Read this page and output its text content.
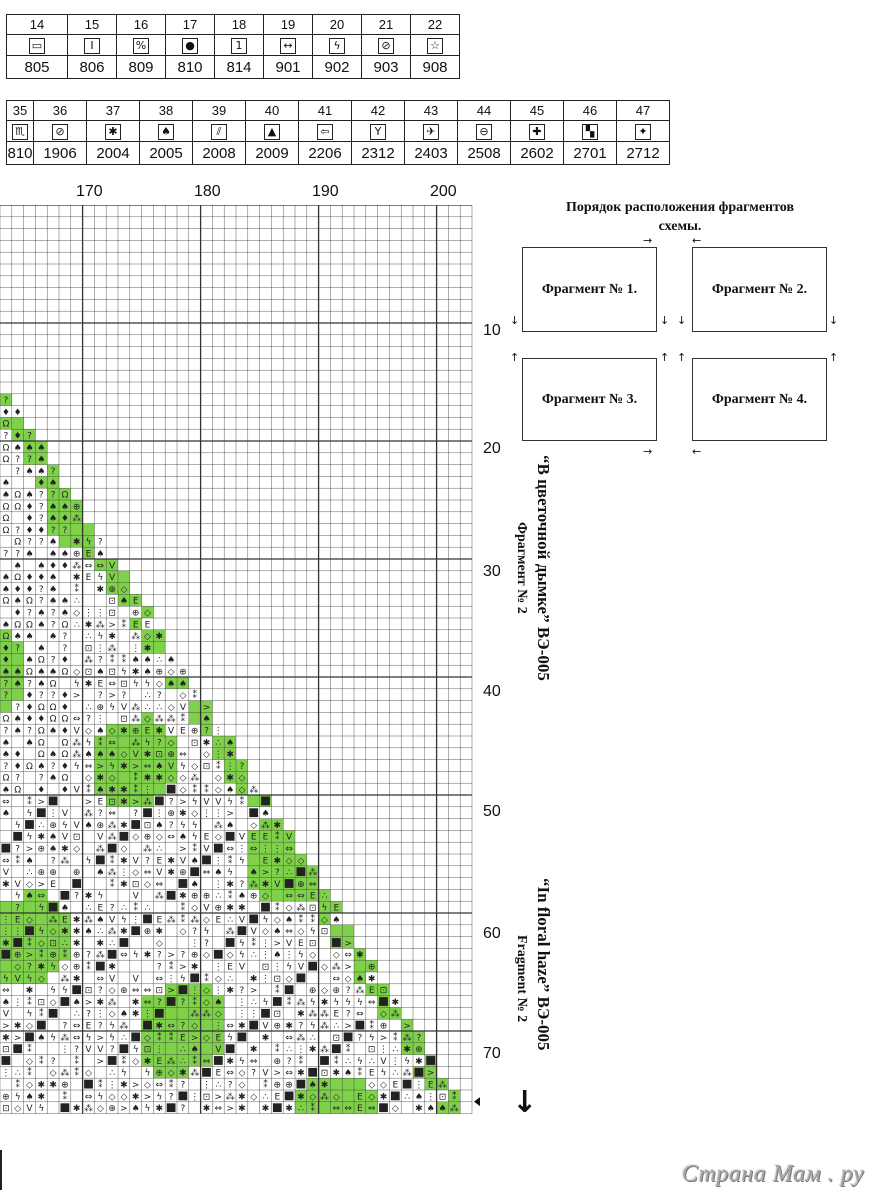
14	15	16	17	18	19	20	21	22
▭	I	%	●	1	↔	ϟ	⊘	☆
805	806	809	810	814	901	902	903	908
35	36	37	38	39	40	41	42	43	44	45	46	47
♏	⊘	✱	♠	⫽	▲	⇦	Y	✈	⊖	✚	▚	✦
810	1906	2004	2005	2008	2009	2206	2312	2403	2508	2602	2701	2712
170	180	190	200
?
♦ ♦
Ω
? ♦ ?
Ω ♠ ♠ ♠
Ω ? ? ♠
? ♠ ♠ ?
♠	♦ ♠
♠ Ω ♠ ? ? Ω
Ω Ω ♦ ? ♠ ♠ ⊕
Ω ♦ ? ♠ ♦ ⁂
Ω ? ♦ ♦ ? ?
Ω ? ? ♠ ✱ ϟ ?
? ? ♠ ♠ ♠ ⊕ E ♠
♠ ♠ ♦ ♦ ⁂ ⇔ ⇔ V
♠ Ω ♦ ♦ ♠ ✱ E ϟ V
♠ ♦ ♦ ? ♠ ⁑ ✱ ⊕ ◇
Ω ♠ Ω ? ♠ ♠ ∴	⊡ ♠ E
♦ ? ♠ ? ♠ ◇ ⋮ ⋮ ⊡ ⊕ ◇
♠ Ω Ω ♠ ? Ω ∴ ✱ ⁂ > ⁑ E E
Ω ♠ ♠ ♠ ? ∴ ϟ ✱ ⁂ ◇ ✱
♦ ? ♠ ? ⊡ ⋮ ⁂ ⋮ ✱
♦ ♠ Ω ? ♦ ⁂ ? ⁑ ⁑ ♠ ♠ ∴ ♠
♠ ♠ Ω ♠ ♠ Ω ◇ ⊡ ♠ ⊡ ϟ ✱ ♠ ⊕ ◇ ⊕
? ♠ ? ♠ Ω ϟ ✱ E ⇔ ⊡ ϟ ϟ ◇ ♠ ♠
? ♦ ? ? ♦ > ? > ? ∴ ? ◇ ⁑
? ♦ Ω Ω ♦ ∴ ⊕ ϟ V ⁂ ∴ ∴ ◇ V >
Ω ♠ ♦ ♦ Ω Ω ⇔ ? ⋮ ⊡ ⁂ ◇ ⁂ ⁂ ⁑ ♠
? ♠ ? Ω ♠ ♦ V ◇ ♠ ◇ ✱ ⊕ E ✱ V E ⊕ ? ⋮
♠ ♠ Ω Ω ⁂ ϟ ⁑ ⇔ ⁂ ϟ ? ◇ ⊡ ✱ ∴ ♠
♠ ♦ Ω ♠ Ω ⁂ ♠ ♠ ♠ ◇ V ✱ ⊡ ⊕ ⇔ ◇ ⋮ ✱
? ♦ Ω ♠ ? ♦ ϟ ⇔ > ϟ ✱ > ⇔ ♠ V ϟ ◇ ⊡ ⁑ ⋮ ?
Ω ? ? ♠ Ω ◇ ✱ ◇ ⁑ ✱ ✱ ◇ ◇ ⁂ ◇ ✱ ◇
♠ Ω ♦ ♦ V ⁑ ♠ ✱ ✱ ⁑ ⋮	◇ ⁑ ⁑ ◇ ♠ ◇ ⁂
⇔ ⁑ >	> E ⊡ ✱ > ⁂ ? > ϟ V V ϟ ⁑
♠ ϟ ⋮ V ⁂ ? ⇔ ? ⋮ ⊕ ✱ ◇ ⋮ ⋮ >	♠
ϟ ∴ ⊕ ϟ V ♠ ⊕ ⁂ ✱ ⊡ ♠ ? ϟ ϟ ⁂ ♠ ◇ ⁂ ✱
ϟ ✱ ♠ V ⊡ V ⁂ ◇ ⊕ ◇ ⇔ ♠ ϟ E ◇ V E E ⁑ V
? > ⊕ ♠ ✱ ◇ ⁂ ◇ ⁂ ∴ > ⁑ V ⇔ ⋮ ⇔ ⋮ ⋮ ⇔
⇔ ⁑ ♠ ? ⁂ ϟ ⁑ ✱ V ? E ✱ V ♠ ⋮ ⁑ ϟ E ✱ ◇ ◇
V ∴ ⊕ ⊕ ⊕ ♠ ⁂ ⋮ ◇ ⇔ V ✱ ⊕ ⇔ ♠ ϟ ♠ > ? ∴ ⁂
✱ V ◇ > E	⁑ ✱ ⊡ ◇ ⇔	♠ ⋮ ✱ ? ⁂ ✱ V ⊕ ⇔
ϟ ♠ ⇔	? ✱ ϟ	V ⁂ ✱ ⊕ ⊕ ∴ ⁑ ♠ ⊕ ◇ ⇔ ⇔ E ∴
? ϟ ♠ ∴ E ? ∴ ⁑ ∴	⁑ ◇ V ⊕ ✱ ✱	⁑ ◇ ⁂ ⊡ ϟ E
⋮ E ◇ ⁂ E ✱ ⁂ ♠ V ϟ ⋮ E ⁂ ⁑ ⁂ ◇ E ∴ V ϟ ◇ ♠ ⁑ ⁑ ◇ ♠
⋮ ⋮ ϟ ◇ ✱ ✱ ♠ ∴ ⁂ ✱ ⊕ ✱ ◇ ? ϟ ⁂ V ◇ ♠ ⇔ ◇ ϟ ⊡
✱ ⁑ ◇ ⊡ ∴ ✱ ✱ ∴	◇	⋮ ?	ϟ ⁑ ⋮ > V E ⊡	>
⊕ > ⁑ ⊕ ⁑ ⊕ ? ⁂ ⇔ ϟ ✱ ? > ? ⊕ ◇ ◇ ϟ ∴ ⋮ ♠ ⋮ ϟ ◇ ◇ ⇔ ✱
◇ ? ✱ ϟ ◇ ⊕ ⁑ ✱	? ⁑ > ✱ ⋮ E V ⊡ ⋮ ϟ V ◇ ⁂ > ⊕
ϟ V ϟ ◇ ⁂ ✱ ⇔ V V ⇔ ⋮ ϟ ⁑ ◇ ∴ ✱ ⋮ ⊡ ◇	⇔ ◇ ♠ ✱
⇔ ✱ ϟ ϟ ⊡ ? ◇ ⊕ ⇔ ⇔ ⊡ > ⋮ ◇ ⋮ ✱ ? > ⁑	⊕ ◇ ⊕ ? ⁂ E ⊡
♠ ⋮ ⁑ ⊡ ◇ ♠ > ✱ ⁂ ✱ ⇔ ? ? ⁑ ◇ ♠ ⋮ ∴ ϟ ⁑ ⁂ ϟ ✱ ϟ ϟ ϟ ⇔ ✱
V ϟ ⁑	∴ ? ⋮ ◇ ♠ ✱ ⋮	⁂ ⁂ ◇ ⋮ ⋮ ⊡ ✱ ⁂ ⁂ E ? ⇔ ◇ ⁂
> ✱ ◇	? ⇔ E ? ϟ ⁂	✱ ⇔ ? ◇ ⋮ ⇔ ✱ V ⊕ ✱ ? ϟ ⁂ ∴ > ⁑ ⊕ >
✱ > ♠ ϟ ⁂ ⇔ ϟ > ϟ ∴ ◇ ⁑ ⁑ E > ◇ E ϟ	✱ ⇔ ⁂ ∴ ⊡ ? ϟ > ⁑ ⁂ ?
⊡ ⁑	⋮ ? V V ? ϟ ⊡ ⋮ ∴ ♠ V	✱ ⁑ ∴ ⋮ ✱ ⁂ ⁑ ⊡ ⋮ ∴ ✱ ⊕
◇ ⁑ ? ⁑ > ⁑ ◇ ✱ E ⁂ ∴ ⁑ ⇔ ✱ ϟ ⇔ ⊕ ? ⁑	⁑ ∴ ϟ ∴ V ⋮ ϟ ✱
⋮ ∴ ⁑ ◇ ⁂ ⁑ ◇ ∴ ϟ ϟ ⊕ ◇ ✱ ⁂ E ⇔ ◇ ? V > ⇔ ✱ ⊡ ✱ ♠ ⁑ E ϟ ∴ ⁂ >
⁑ ◇ ✱ ✱ ⊕	⁑ ⋮ ✱ > ◇ ⇔ ⁑ ? ⋮ ∴ ? ◇ ⁑ ⊕ ⊕ ♠ ✱	◇ ◇ E ⋮ E ⁂
⊕ ϟ ♠ ✱ ⁑ ⇔ ϟ ◇ ◇ ✱ > ϟ ? ⋮ ⊡ > ⁂ ✱ ◇ ∴ E ✱ ◇ ⁂ ◇ E ◇ ✱ ∴ ♠ ⋮ ⊡ ⁑
⊡ ◇ V ϟ	✱ ⁂ ◇ ⊕ > ♠ ϟ ✱ ? ✱ ⇔ > ✱ ✱ ✱ ∴ ⁑ ⇔ ⇔ E ⇔ ◇ ✱ ♠ ♠ ⁂
10
20
30
40
50
60
70
Порядок расположения фрагментов схемы.
Фрагмент № 1.	Фрагмент № 2.
Фрагмент № 3.	Фрагмент № 4.
→	←
↓	↓ ↓	↓
↑	↑ ↑	↑
→	←
“В цветочной дымке” ВЭ-005
Фрагмент № 2
“In floral haze” ВЭ-005
Fragment № 2
↓
Страна Мам . ру
